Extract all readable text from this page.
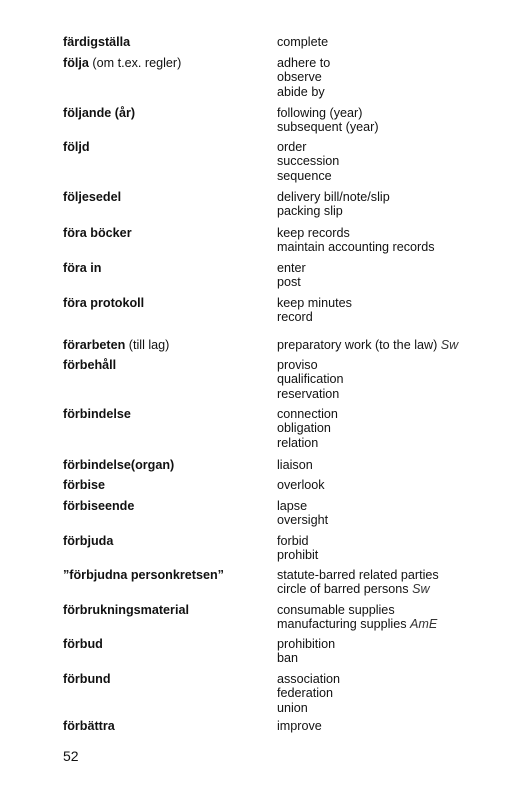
färdigställa	complete
följa (om t.ex. regler)	adhere to
observe
abide by
följande (år)	following (year)
subsequent (year)
följd	order
succession
sequence
följesedel	delivery bill/note/slip
packing slip
föra böcker	keep records
maintain accounting records
föra in	enter
post
föra protokoll	keep minutes
record
förarbeten (till lag)	preparatory work (to the law) Sw
förbehåll	proviso
qualification
reservation
förbindelse	connection
obligation
relation
förbindelse(organ)	liaison
förbise	overlook
förbiseende	lapse
oversight
förbjuda	forbid
prohibit
”förbjudna personkretsen”	statute-barred related parties
circle of barred persons Sw
förbrukningsmaterial	consumable supplies
manufacturing supplies AmE
förbud	prohibition
ban
förbund	association
federation
union
förbättra	improve
52
